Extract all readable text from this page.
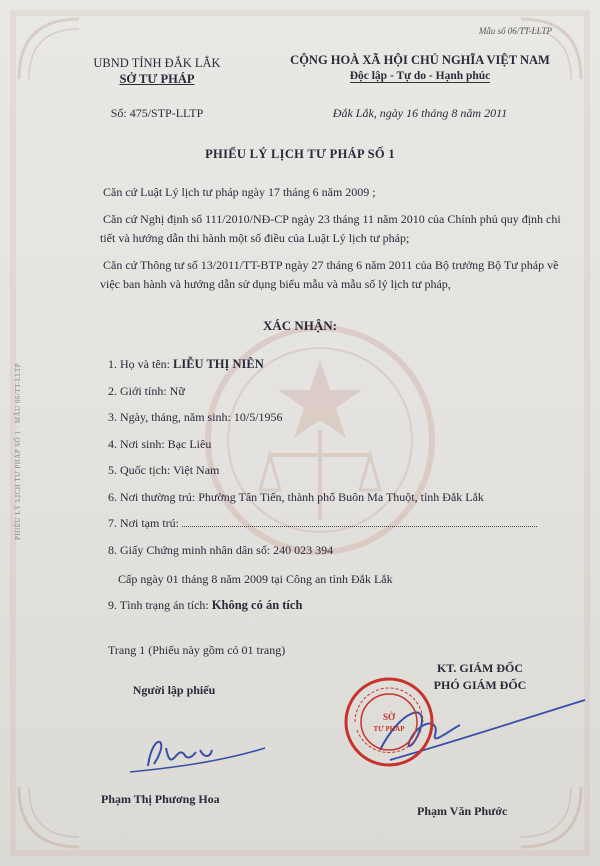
Mẫu số 06/TT-LLTP
PHIẾU LÝ LỊCH TƯ PHÁP SỐ 1 · MẪU 06/TT-LLTP
UBND TỈNH ĐẮK LẮK
SỞ TƯ PHÁP
Số: 475/STP-LLTP
CỘNG HOÀ XÃ HỘI CHỦ NGHĨA VIỆT NAM
Độc lập - Tự do - Hạnh phúc
Đắk Lắk, ngày 16 tháng 8 năm 2011
PHIẾU LÝ LỊCH TƯ PHÁP SỐ 1
Căn cứ Luật Lý lịch tư pháp ngày 17 tháng 6 năm 2009 ;
Căn cứ Nghị định số 111/2010/NĐ-CP ngày 23 tháng 11 năm 2010 của Chính phủ quy định chi tiết và hướng dẫn thi hành một số điều của Luật Lý lịch tư pháp;
Căn cứ Thông tư số 13/2011/TT-BTP ngày 27 tháng 6 năm 2011 của Bộ trưởng Bộ Tư pháp về việc ban hành và hướng dẫn sử dụng biểu mẫu và mẫu số lý lịch tư pháp,
XÁC NHẬN:
1. Họ và tên: LIỄU THỊ NIÊN
2. Giới tính: Nữ
3. Ngày, tháng, năm sinh: 10/5/1956
4. Nơi sinh: Bạc Liêu
5. Quốc tịch: Việt Nam
6. Nơi thường trú: Phường Tân Tiến, thành phố Buôn Ma Thuột, tỉnh Đắk Lắk
7. Nơi tạm trú:
8. Giấy Chứng minh nhân dân số: 240 023 394
Cấp ngày 01 tháng 8 năm 2009 tại Công an tỉnh Đắk Lắk
9. Tình trạng án tích: Không có án tích
Trang 1 (Phiếu này gồm có 01 trang)
KT. GIÁM ĐỐC
PHÓ GIÁM ĐỐC
Người lập phiếu
SỞ
TƯ PHÁP
Phạm Thị Phương Hoa
Phạm Văn Phước
